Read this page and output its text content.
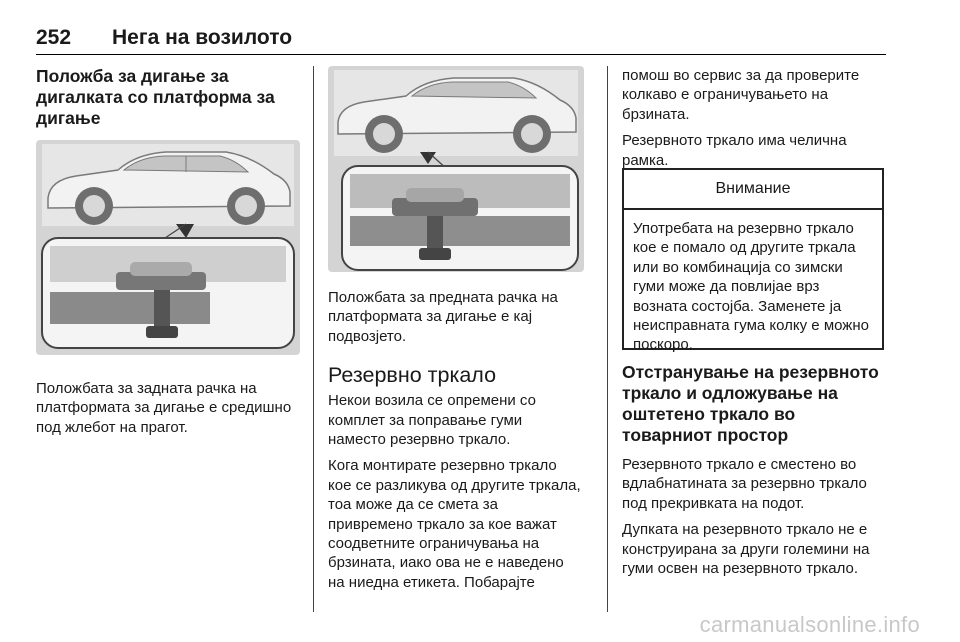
252 Нега на возилото
Положба за дигање за дигалката со платформа за дигање

Положбата за задната рачка на платформата за дигање е средишно под жлебот на прагот.

Положбата за предната рачка на платформата за дигање е кај подвозјето.

Резервно тркало

Некои возила се опремени со комплет за поправање гуми наместо резервно тркало.

Кога монтирате резервно тркало кое се разликува од другите тркала, тоа може да се смета за привремено тркало за кое важат соодветните ограничувања на брзината, иако ова не е наведено на ниедна етикета. Побарајте

помош во сервис за да проверите колкаво е ограничувањето на брзината.

Резервното тркало има челична рамка.

Внимание
Употребата на резервно тркало кое е помало од другите тркала или во комбинација со зимски гуми може да повлијае врз возната состојба. Заменете ја неисправната гума колку е можно поскоро.
Отстранување на резервното тркало и одложување на оштетено тркало во товарниот простор

Резервното тркало е сместено во вдлабнатината за резервно тркало под прекривката на подот.

Дупката на резервното тркало не е конструирана за други големини на гуми освен на резервното тркало.

carmanualsonline.info
